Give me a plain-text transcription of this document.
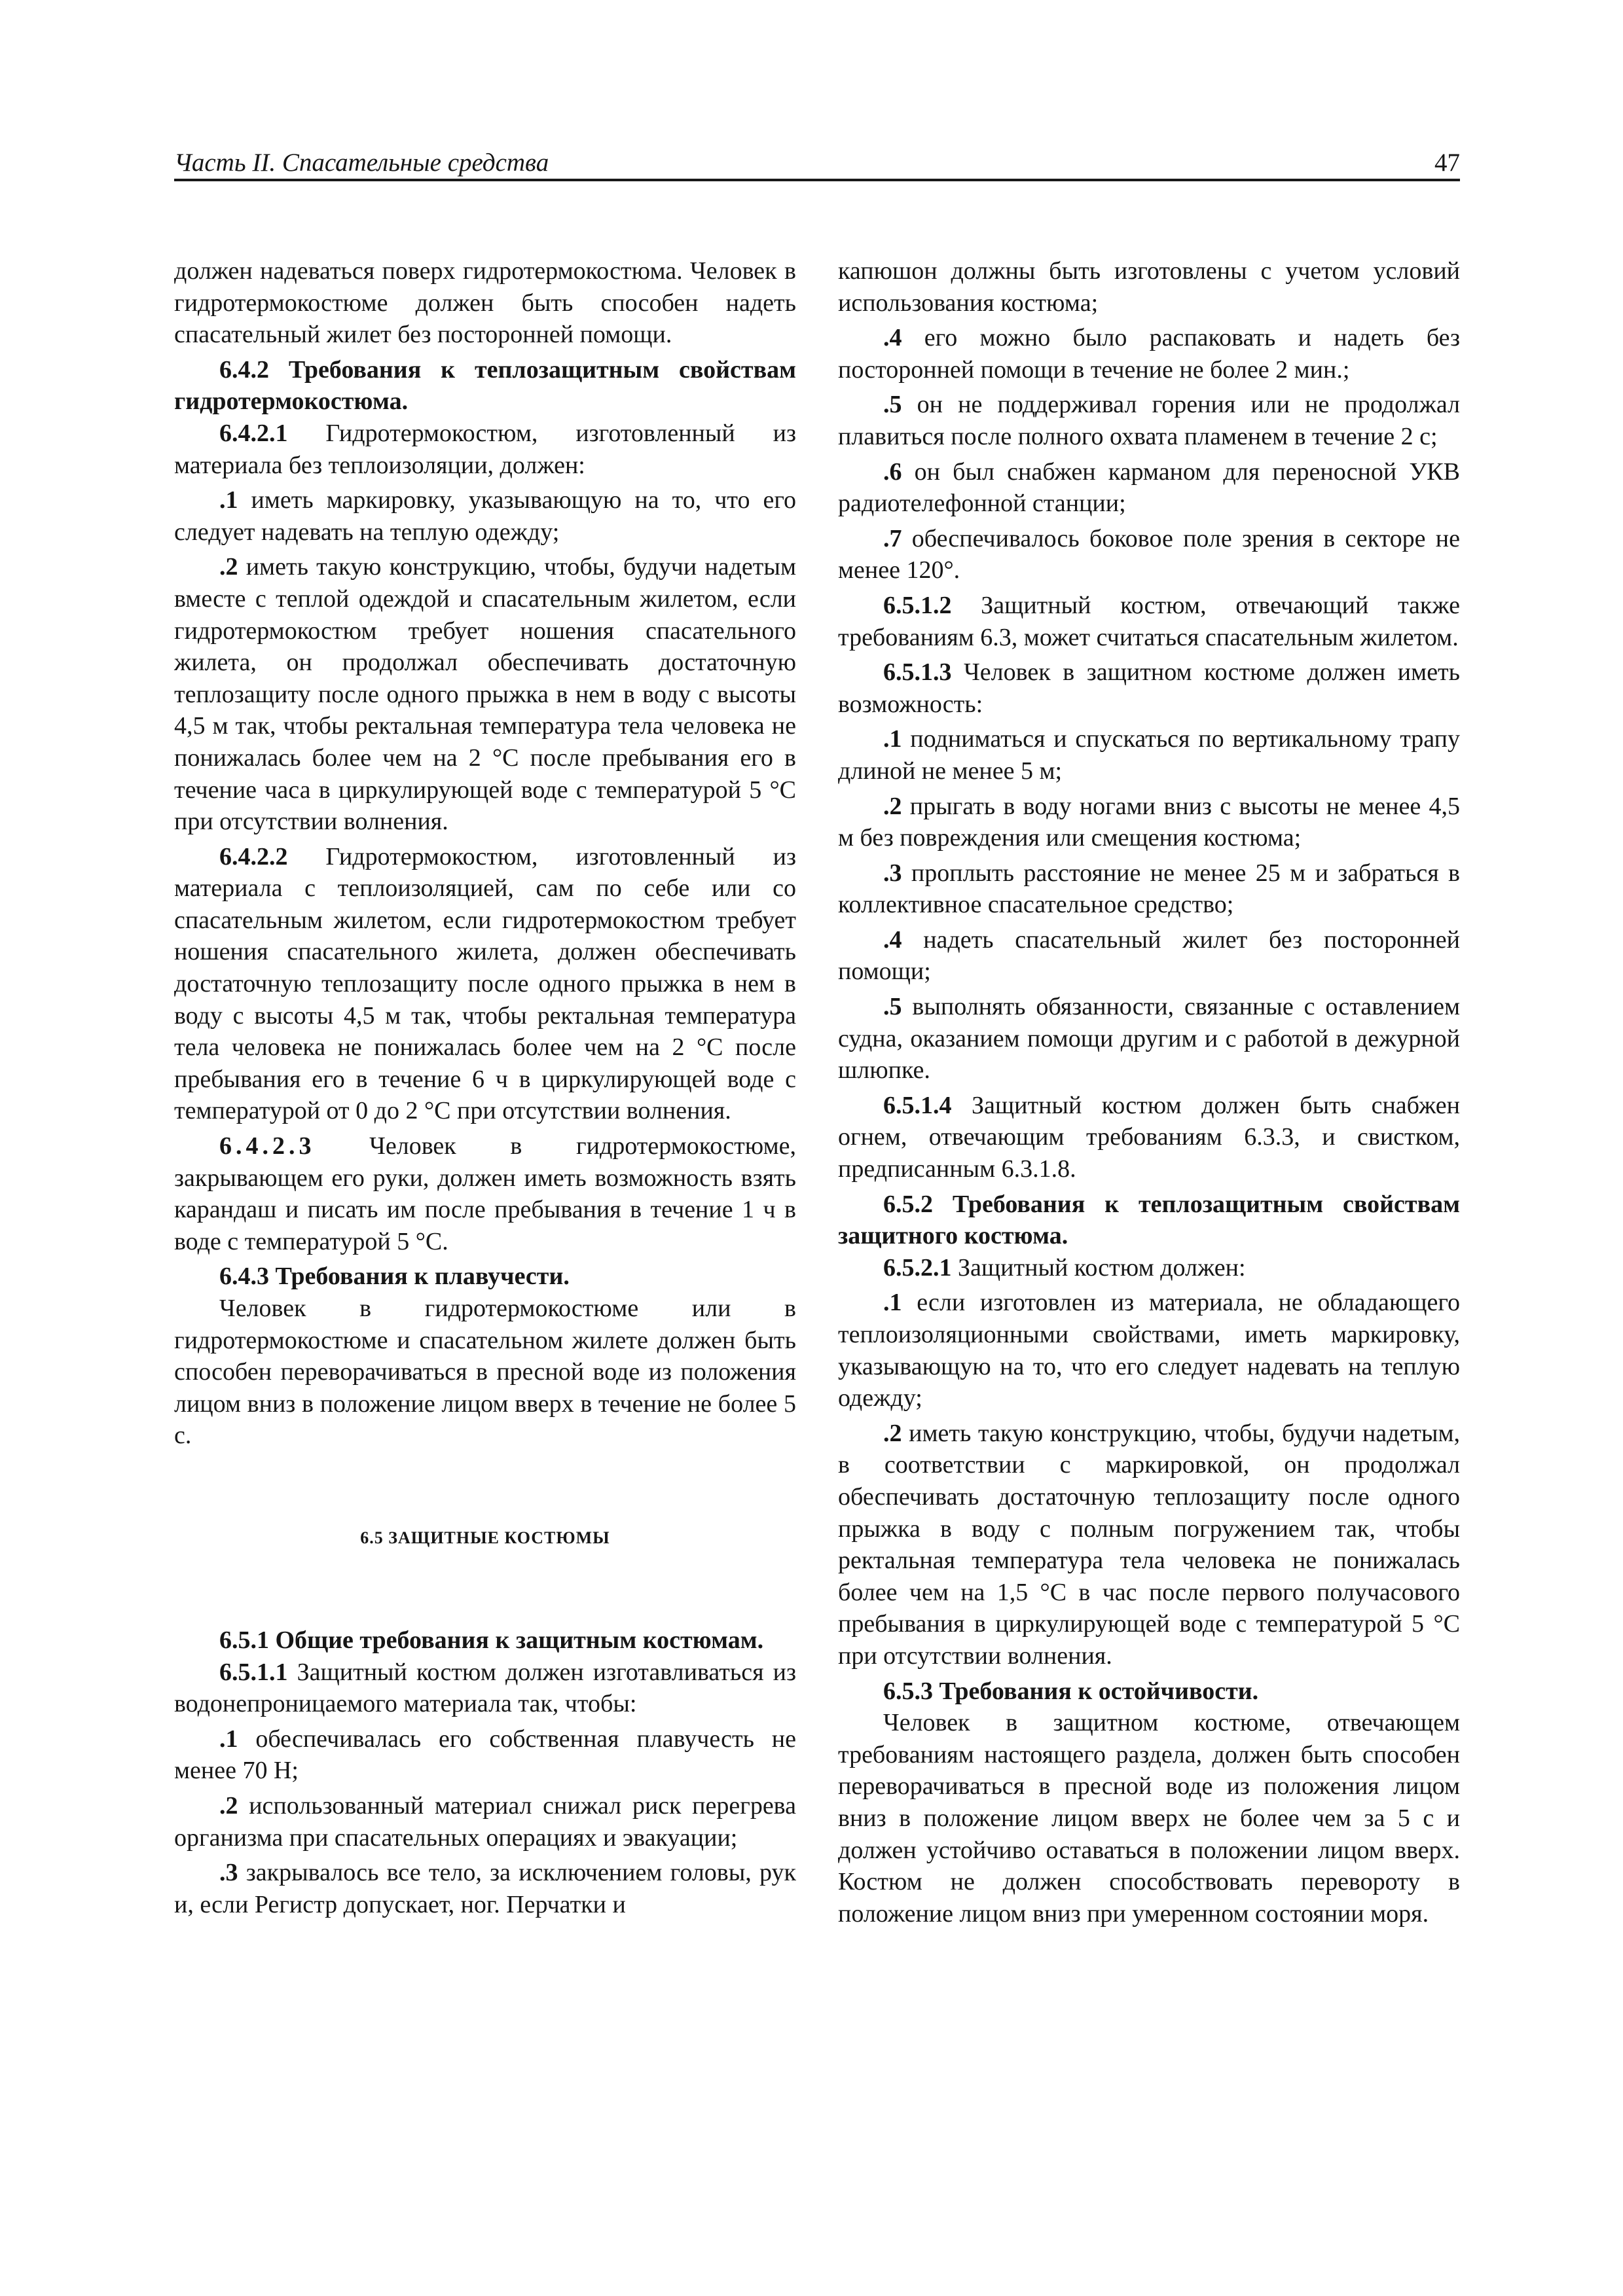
Часть II. Спасательные средства	47

должен надеваться поверх гидротермокостюма. Человек в гидротермокостюме должен быть способен надеть спасательный жилет без посторонней помощи.

6.4.2 Требования к теплозащитным свойствам гидротермокостюма.

6.4.2.1 Гидротермокостюм, изготовленный из материала без теплоизоляции, должен:

.1 иметь маркировку, указывающую на то, что его следует надевать на теплую одежду;

.2 иметь такую конструкцию, чтобы, будучи надетым вместе с теплой одеждой и спасательным жилетом, если гидротермокостюм требует ношения спасательного жилета, он продолжал обеспечивать достаточную теплозащиту после одного прыжка в нем в воду с высоты 4,5 м так, чтобы ректальная температура тела человека не понижалась более чем на 2 °С после пребывания его в течение часа в циркулирующей воде с температурой 5 °С при отсутствии волнения.

6.4.2.2 Гидротермокостюм, изготовленный из материала с теплоизоляцией, сам по себе или со спасательным жилетом, если гидротермокостюм требует ношения спасательного жилета, должен обеспечивать достаточную теплозащиту после одного прыжка в нем в воду с высоты 4,5 м так, чтобы ректальная температура тела человека не понижалась более чем на 2 °С после пребывания его в течение 6 ч в циркулирующей воде с температурой от 0 до 2 °С при отсутствии волнения.

6.4.2.3 Человек в гидротермокостюме, закрывающем его руки, должен иметь возможность взять карандаш и писать им после пребывания в течение 1 ч в воде с температурой 5 °С.

6.4.3 Требования к плавучести.

Человек в гидротермокостюме или в гидротермокостюме и спасательном жилете должен быть способен переворачиваться в пресной воде из положения лицом вниз в положение лицом вверх в течение не более 5 с.

6.5 ЗАЩИТНЫЕ КОСТЮМЫ

6.5.1 Общие требования к защитным костюмам.

6.5.1.1 Защитный костюм должен изготавливаться из водонепроницаемого материала так, чтобы:

.1 обеспечивалась его собственная плавучесть не менее 70 Н;

.2 использованный материал снижал риск перегрева организма при спасательных операциях и эвакуации;

.3 закрывалось все тело, за исключением головы, рук и, если Регистр допускает, ног. Перчатки и

капюшон должны быть изготовлены с учетом условий использования костюма;

.4 его можно было распаковать и надеть без посторонней помощи в течение не более 2 мин.;

.5 он не поддерживал горения или не продолжал плавиться после полного охвата пламенем в течение 2 с;

.6 он был снабжен карманом для переносной УКВ радиотелефонной станции;

.7 обеспечивалось боковое поле зрения в секторе не менее 120°.

6.5.1.2 Защитный костюм, отвечающий также требованиям 6.3, может считаться спасательным жилетом.

6.5.1.3 Человек в защитном костюме должен иметь возможность:

.1 подниматься и спускаться по вертикальному трапу длиной не менее 5 м;

.2 прыгать в воду ногами вниз с высоты не менее 4,5 м без повреждения или смещения костюма;

.3 проплыть расстояние не менее 25 м и забраться в коллективное спасательное средство;

.4 надеть спасательный жилет без посторонней помощи;

.5 выполнять обязанности, связанные с оставлением судна, оказанием помощи другим и с работой в дежурной шлюпке.

6.5.1.4 Защитный костюм должен быть снабжен огнем, отвечающим требованиям 6.3.3, и свистком, предписанным 6.3.1.8.

6.5.2 Требования к теплозащитным свойствам защитного костюма.

6.5.2.1 Защитный костюм должен:

.1 если изготовлен из материала, не обладающего теплоизоляционными свойствами, иметь маркировку, указывающую на то, что его следует надевать на теплую одежду;

.2 иметь такую конструкцию, чтобы, будучи надетым, в соответствии с маркировкой, он продолжал обеспечивать достаточную теплозащиту после одного прыжка в воду с полным погружением так, чтобы ректальная температура тела человека не понижалась более чем на 1,5 °С в час после первого получасового пребывания в циркулирующей воде с температурой 5 °С при отсутствии волнения.

6.5.3 Требования к остойчивости.

Человек в защитном костюме, отвечающем требованиям настоящего раздела, должен быть способен переворачиваться в пресной воде из положения лицом вниз в положение лицом вверх не более чем за 5 с и должен устойчиво оставаться в положении лицом вверх. Костюм не должен способствовать перевороту в положение лицом вниз при умеренном состоянии моря.
